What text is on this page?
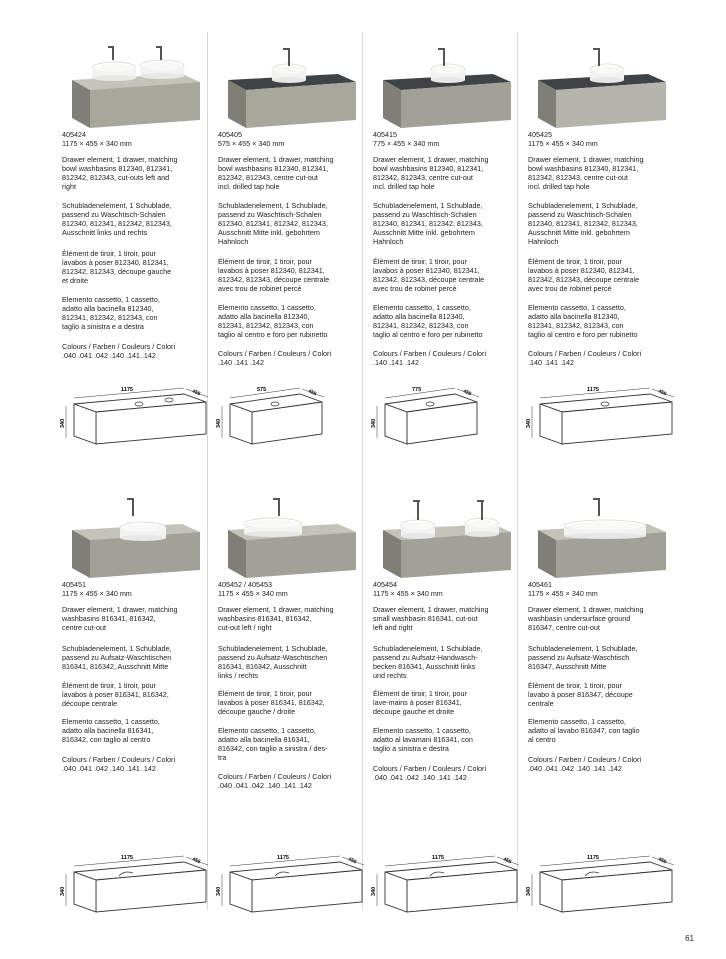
405424
1175 × 455 × 340 mm
Drawer element, 1 drawer, matching
bowl washbasins 812340, 812341,
812342, 812343, cut-outs left and
right
Schubladenelement, 1 Schublade,
passend zu Waschtisch-Schalen
812340, 812341, 812342, 812343,
Ausschnitt links und rechts
Élément de tiroir, 1 tiroir, pour
lavabos à poser 812340, 812341,
812342, 812343, découpe gauche
et droite
Elemento cassetto, 1 cassetto,
adatto alla bacinella 812340,
812341, 812342, 812343, con
taglio a sinistra e a destra
Colours / Farben / Couleurs / Colori
.040 .041 .042 .140 .141 .142
1175	455
340
405405
575 × 455 × 340 mm
Drawer element, 1 drawer, matching
bowl washbasins 812340, 812341,
812342, 812343, centre cut-out
incl. drilled tap hole
Schubladenelement, 1 Schublade,
passend zu Waschtisch-Schalen
812340, 812341, 812342, 812343,
Ausschnitt Mitte inkl. gebohrtem
Hahnloch
Élément de tiroir, 1 tiroir, pour
lavabos à poser 812340, 812341,
812342, 812343, découpe centrale
avec trou de robinet percé
Elemento cassetto, 1 cassetto,
adatto alla bacinella 812340,
812341, 812342, 812343, con
taglio al centro e foro per rubinetto
Colours / Farben / Couleurs / Colori
.140 .141 .142
575	455
340
405415
775 × 455 × 340 mm
Drawer element, 1 drawer, matching
bowl washbasins 812340, 812341,
812342, 812343, centre cut-out
incl. drilled tap hole
Schubladenelement, 1 Schublade,
passend zu Waschtisch-Schalen
812340, 812341, 812342, 812343,
Ausschnitt Mitte inkl. gebohrtem
Hahnloch
Élément de tiroir, 1 tiroir, pour
lavabos à poser 812340, 812341,
812342, 812343, découpe centrale
avec trou de robinet percé
Elemento cassetto, 1 cassetto,
adatto alla bacinella 812340,
812341, 812342, 812343, con
taglio al centro e foro per rubinetto
Colours / Farben / Couleurs / Colori
.140 .141 .142
775	455
340
405425
1175 × 455 × 340 mm
Drawer element, 1 drawer, matching
bowl washbasins 812340, 812341,
812342, 812343, centre cut-out
incl. drilled tap hole
Schubladenelement, 1 Schublade,
passend zu Waschtisch-Schalen
812340, 812341, 812342, 812343,
Ausschnitt Mitte inkl. gebohrtem
Hahnloch
Élément de tiroir, 1 tiroir, pour
lavabos à poser 812340, 812341,
812342, 812343, découpe centrale
avec trou de robinet percé
Elemento cassetto, 1 cassetto,
adatto alla bacinella 812340,
812341, 812342, 812343, con
taglio al centro e foro per rubinetto
Colours / Farben / Couleurs / Colori
.140 .141 .142
1175	455
340
405451
1175 × 455 × 340 mm
Drawer element, 1 drawer, matching
washbasins 816341, 816342,
centre cut-out
Schubladenelement, 1 Schublade,
passend zu Aufsatz-Waschtischen
816341, 816342, Ausschnitt Mitte
Élément de tiroir, 1 tiroir, pour
lavabos à poser 816341, 816342,
découpe centrale
Elemento cassetto, 1 cassetto,
adatto alla bacinella 816341,
816342, con taglio al centro
Colours / Farben / Couleurs / Colori
.040 .041 .042 .140 .141 .142
1175	455
340
405452 / 405453
1175 × 455 × 340 mm
Drawer element, 1 drawer, matching
washbasins 816341, 816342,
cut-out left / right
Schubladenelement, 1 Schublade,
passend zu Aufsatz-Waschtischen
816341, 816342, Ausschnitt
links / rechts
Élément de tiroir, 1 tiroir, pour
lavabos à poser 816341, 816342,
découpe gauche / droite
Elemento cassetto, 1 cassetto,
adatto alla bacinella 816341,
816342, con taglio a sinistra / des-
tra
Colours / Farben / Couleurs / Colori
.040 .041 .042 .140 .141 .142
1175	455
340
405454
1175 × 455 × 340 mm
Drawer element, 1 drawer, matching
small washbasin 816341, cut-out
left and right
Schubladenelement, 1 Schublade,
passend zu Aufsatz-Handwasch-
becken 816341, Ausschnitt links
und rechts
Élément de tiroir, 1 tiroir, pour
lave-mains à poser 816341,
découpe gauche et droite
Elemento cassetto, 1 cassetto,
adatto al lavamani 816341, con
taglio a sinistra e destra
Colours / Farben / Couleurs / Colori
.040 .041 .042 .140 .141 .142
1175	455
340
405461
1175 × 455 × 340 mm
Drawer element, 1 drawer, matching
washbasin undersurface ground
816347, centre cut-out
Schubladenelement, 1 Schublade,
passend zu Aufsatz-Waschtisch
816347, Ausschnitt Mitte
Élément de tiroir, 1 tiroir, pour
lavabo à poser 816347, découpe
centrale
Elemento cassetto, 1 cassetto,
adatto al lavabo 816347, con taglio
al centro
Colours / Farben / Couleurs / Colori
.040 .041 .042 .140 .141 .142
1175	455
340
61
